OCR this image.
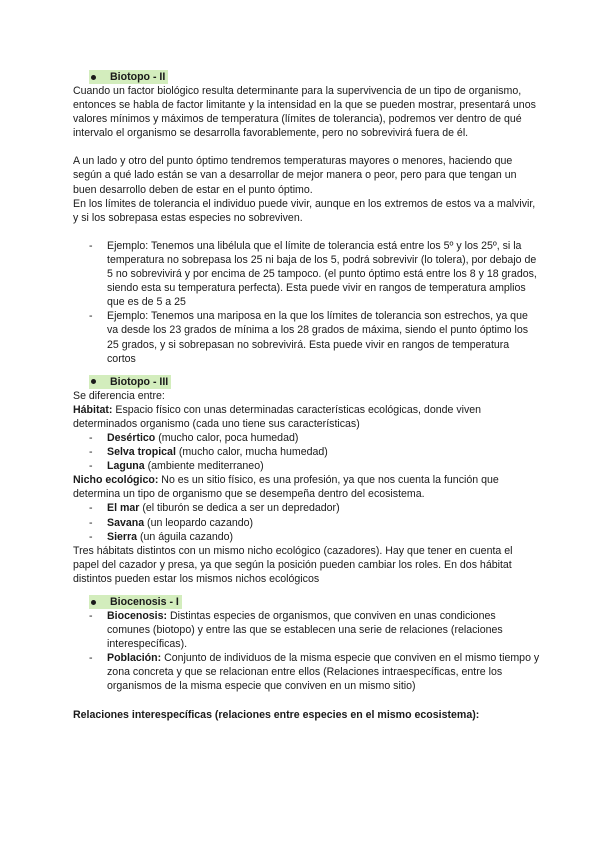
Biotopo - II

Cuando un factor biológico resulta determinante para la supervivencia de un tipo de organismo, entonces se habla de factor limitante y la intensidad en la que se pueden mostrar, presentará unos valores mínimos y máximos de temperatura (límites de tolerancia), podremos ver dentro de qué intervalo el organismo se desarrolla favorablemente, pero no sobrevivirá fuera de él.

A un lado y otro del punto óptimo tendremos temperaturas mayores o menores, haciendo que según a qué lado están se van a desarrollar de mejor manera o peor, pero para que tengan un buen desarrollo deben de estar en el punto óptimo.

En los límites de tolerancia el individuo puede vivir, aunque en los extremos de estos va a malvivir, y si los sobrepasa estas especies no sobreviven.

- Ejemplo: Tenemos una libélula que el límite de tolerancia está entre los 5º y los 25º, si la temperatura no sobrepasa los 25 ni baja de los 5, podrá sobrevivir (lo tolera), por debajo de 5 no sobrevivirá y por encima de 25 tampoco. (el punto óptimo está entre los 8 y 18 grados, siendo esta su temperatura perfecta). Esta puede vivir en rangos de temperatura amplios que es de 5 a 25
- Ejemplo: Tenemos una mariposa en la que los límites de tolerancia son estrechos, ya que va desde los 23 grados de mínima a los 28 grados de máxima, siendo el punto óptimo los 25 grados, y si sobrepasan no sobrevivirá. Esta puede vivir en rangos de temperatura cortos
Biotopo - III

Se diferencia entre:

Hábitat: Espacio físico con unas determinadas características ecológicas, donde viven determinados organismo (cada uno tiene sus características)

- Desértico (mucho calor, poca humedad)
- Selva tropical (mucho calor, mucha humedad)
- Laguna (ambiente mediterraneo)

Nicho ecológico: No es un sitio físico, es una profesión, ya que nos cuenta la función que determina un tipo de organismo que se desempeña dentro del ecosistema.

- El mar (el tiburón se dedica a ser un depredador)
- Savana (un leopardo cazando)
- Sierra (un águila cazando)

Tres hábitats distintos con un mismo nicho ecológico (cazadores). Hay que tener en cuenta el papel del cazador y presa, ya que según la posición pueden cambiar los roles. En dos hábitat distintos pueden estar los mismos nichos ecológicos

Biocenosis - I
- Biocenosis: Distintas especies de organismos, que conviven en unas condiciones comunes (biotopo) y entre las que se establecen una serie de relaciones (relaciones interespecíficas).
- Población: Conjunto de individuos de la misma especie que conviven en el mismo tiempo y zona concreta y que se relacionan entre ellos (Relaciones intraespecíficas, entre los organismos de la misma especie que conviven en un mismo sitio)

Relaciones interespecíficas (relaciones entre especies en el mismo ecosistema):
